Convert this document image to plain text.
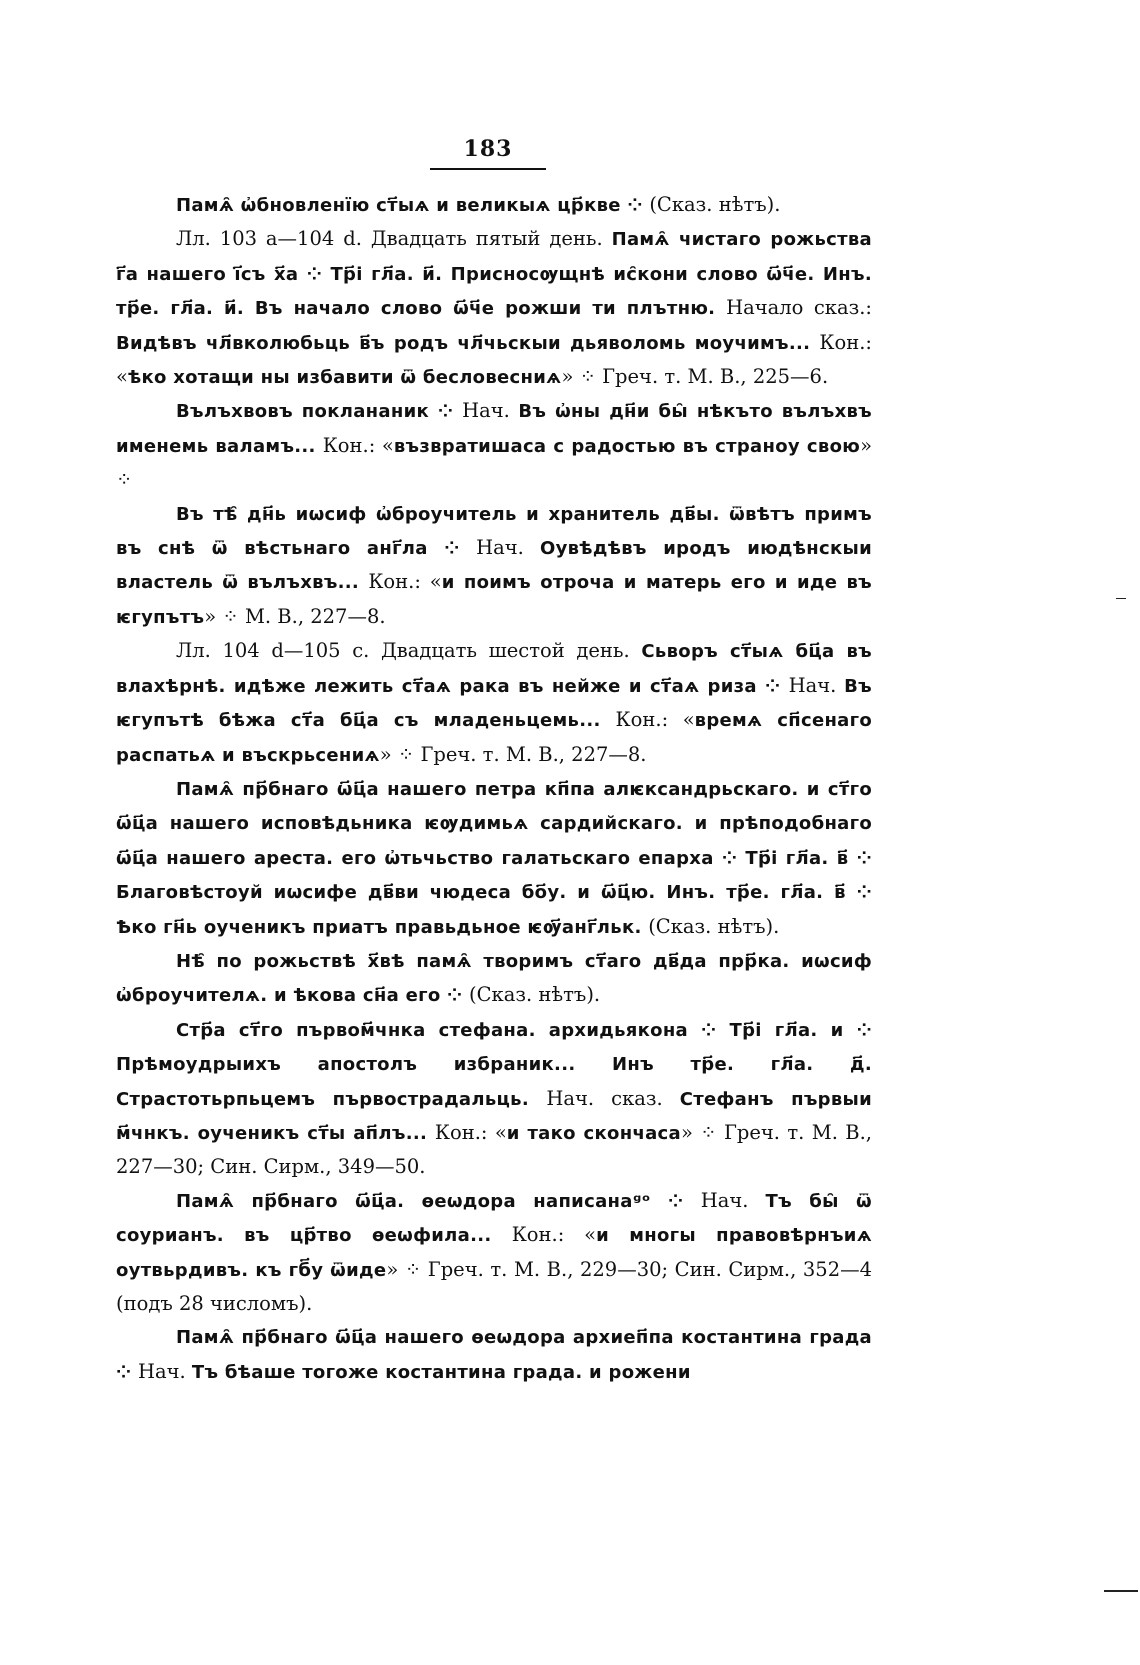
183

Памѧ̑ ѡ҆бновленїю ст҃ыѧ и великыѧ цр҃кве ⁘ (Сказ. нѣтъ).

Лл. 103 a—104 d. Двадцать пятый день. Памѧ̑ чистаго рожьства г҃а нашего і҃съ х҃а ⁘ Тр҃і гл҃а. и҃. Присносѹщнѣ ис̑кони слово ѡ҃ч҃е. Инъ. тр҃е. гл҃а. и҃. Въ начало слово ѡ҃ч҃е рожши ти плътню. Начало сказ.: Видѣвъ чл҃вколюбьць в҃ъ родъ чл҃чьскыи дьяволомь моучимъ... Кон.: «ѣко хотащи ны избавити ѿ бесловесниѧ» ⁘ Греч. т. М. В., 225—6.

Вълъхвовъ поклананик ⁘ Нач. Въ ѡ҆ны дн҃и бы̑ нѣкъто вълъхвъ именемь валамъ... Кон.: «възвратишаса с радостью въ страноу свою» ⁘

Въ тѣ̑ дн҃ь иѡсиф ѡ҆броучитель и хранитель дв҃ы. ѿвѣтъ примъ въ снѣ ѿ вѣстьнаго анг҃ла ⁘ Нач. Оувѣдѣвъ иродъ июдѣнскыи властель ѿ вълъхвъ... Кон.: «и поимъ отроча и матерь его и иде въ ѥгупътъ» ⁘ М. В., 227—8.

Лл. 104 d—105 c. Двадцать шестой день. Сьворъ ст҃ыѧ бц҃а въ влахѣрнѣ. идѣже лежить ст҃аѧ рака въ нейже и ст҃аѧ риза ⁘ Нач. Въ ѥгупътѣ бѣжа ст҃а бц҃а съ младеньцемь... Кон.: «времѧ сп҃сенаго распатьѧ и въскрьсениѧ» ⁘ Греч. т. М. В., 227—8.

Памѧ̑ пр҃бнаго ѡ҃ц҃а нашего петра кп҃па алѥксандрьскаго. и ст҃го ѡ҃ц҃а нашего исповѣдьника ѥѹдимьѧ сардийскаго. и прѣподобнаго ѡ҃ц҃а нашего ареста. его ѡ҆тьчьство галатьскаго епарха ⁘ Тр҃і гл҃а. в҃ ⁘ Благовѣстоуй иѡсифе дв҃ви чюдеса бо҃у. и ѡ҃ц҃ю. Инъ. тр҃е. гл҃а. в҃ ⁘ Ѣко гн҃ь оученикъ приатъ правьдьное ѥѹ҃анг҃льк. (Сказ. нѣтъ).

Нѣ̑ по рожьствѣ х҃вѣ памѧ̑ творимъ ст҃аго дв҃да прр҃ка. иѡсиф ѡ҆броучителѧ. и ѣкова сн҃а его ⁘ (Сказ. нѣтъ).

Стр҃а ст҃го първом҃чнка стефана. архидьякона ⁘ Тр҃і гл҃а. и ⁘ Прѣмоудрыихъ апостолъ избраник... Инъ тр҃е. гл҃а. д҃. Страстотьрпьцемъ първострадальць. Нач. сказ. Стефанъ първыи м҃чнкъ. оученикъ ст҃ы ап҃лъ... Кон.: «и тако скончаса» ⁘ Греч. т. М. В., 227—30; Син. Сирм., 349—50.

Памѧ̑ пр҃бнаго ѡ҃ц҃а. ѳеѡдора написанаᵍᵒ ⁘ Нач. Тъ бы̑ ѿ соурианъ. въ цр҃тво ѳеѡфила... Кон.: «и многы правовѣрнъиѧ оутвьрдивъ. къ гб҃у ѿиде» ⁘ Греч. т. М. В., 229—30; Син. Сирм., 352—4 (подъ 28 числомъ).

Памѧ̑ пр҃бнаго ѡ҃ц҃а нашего ѳеѡдора архиеп҃па костантина града ⁘ Нач. Тъ бѣаше тогоже костантина града. и рожени
